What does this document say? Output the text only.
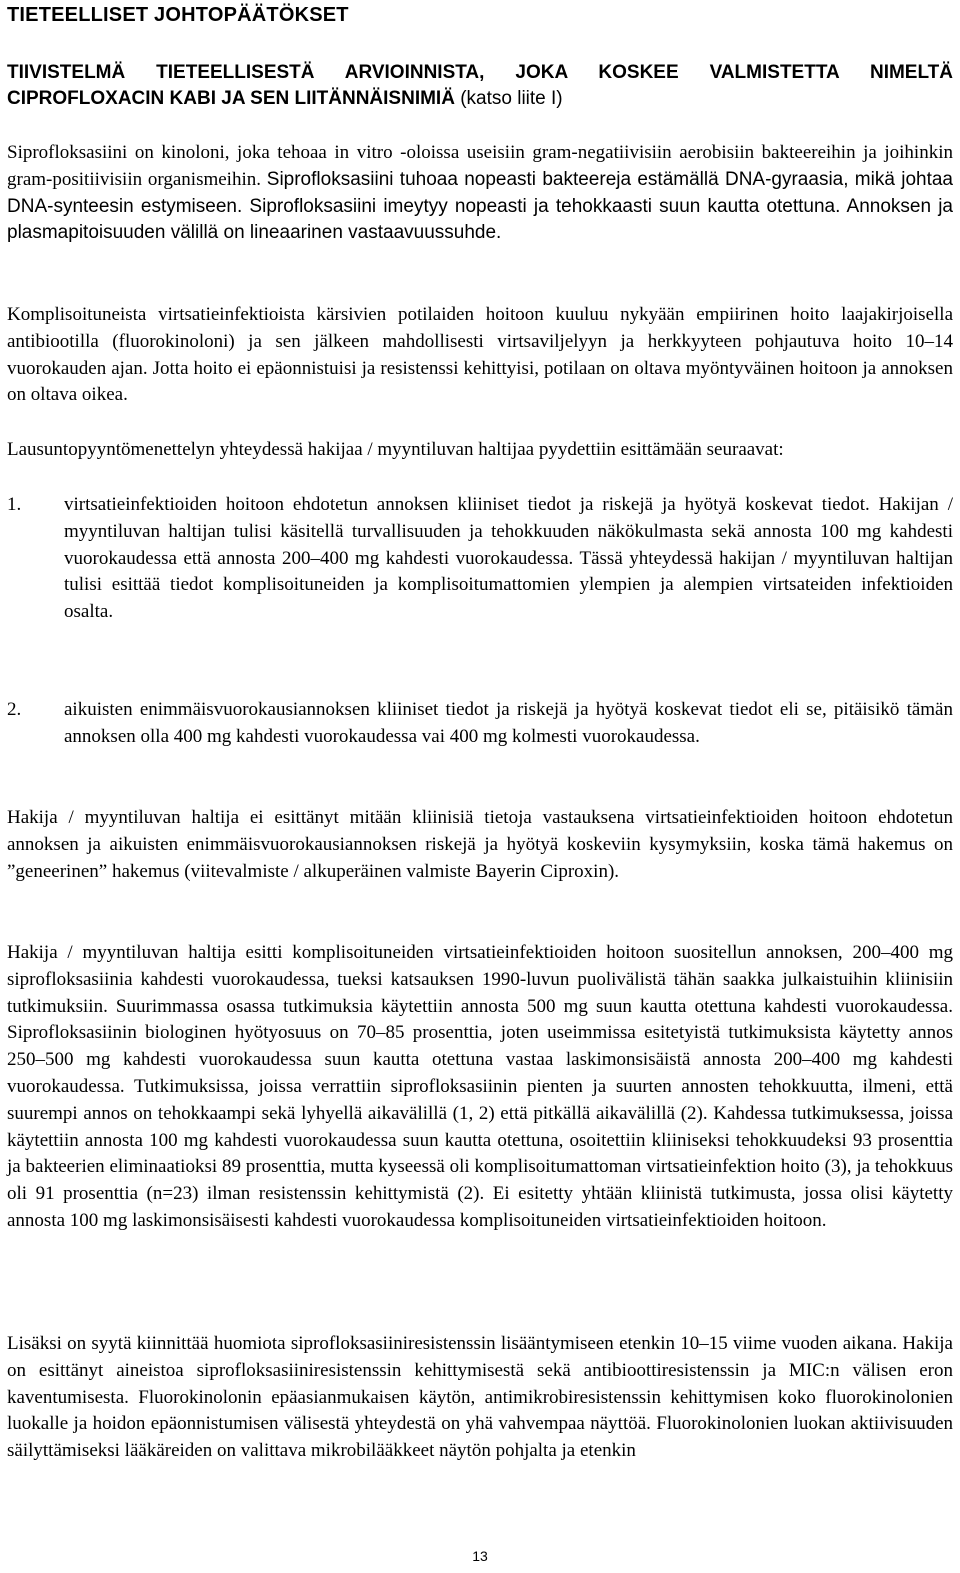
TIETEELLISET JOHTOPÄÄTÖKSET
TIIVISTELMÄ TIETEELLISESTÄ ARVIOINNISTA, JOKA KOSKEE VALMISTETTA NIMELTÄ CIPROFLOXACIN KABI JA SEN LIITÄNNÄISNIMIÄ (katso liite I)

Siprofloksasiini on kinoloni, joka tehoaa in vitro -oloissa useisiin gram-negatiivisiin aerobisiin bakteereihin ja joihinkin gram-positiivisiin organismeihin. Siprofloksasiini tuhoaa nopeasti bakteereja estämällä DNA-gyraasia, mikä johtaa DNA-synteesin estymiseen. Siprofloksasiini imeytyy nopeasti ja tehokkaasti suun kautta otettuna. Annoksen ja plasmapitoisuuden välillä on lineaarinen vastaavuussuhde.

Komplisoituneista virtsatieinfektioista kärsivien potilaiden hoitoon kuuluu nykyään empiirinen hoito laajakirjoisella antibiootilla (fluorokinoloni) ja sen jälkeen mahdollisesti virtsaviljelyyn ja herkkyyteen pohjautuva hoito 10–14 vuorokauden ajan. Jotta hoito ei epäonnistuisi ja resistenssi kehittyisi, potilaan on oltava myöntyväinen hoitoon ja annoksen on oltava oikea.

Lausuntopyyntömenettelyn yhteydessä hakijaa / myyntiluvan haltijaa pyydettiin esittämään seuraavat:

1. virtsatieinfektioiden hoitoon ehdotetun annoksen kliiniset tiedot ja riskejä ja hyötyä koskevat tiedot. Hakijan / myyntiluvan haltijan tulisi käsitellä turvallisuuden ja tehokkuuden näkökulmasta sekä annosta 100 mg kahdesti vuorokaudessa että annosta 200–400 mg kahdesti vuorokaudessa. Tässä yhteydessä hakijan / myyntiluvan haltijan tulisi esittää tiedot komplisoituneiden ja komplisoitumattomien ylempien ja alempien virtsateiden infektioiden osalta.
2. aikuisten enimmäisvuorokausiannoksen kliiniset tiedot ja riskejä ja hyötyä koskevat tiedot eli se, pitäisikö tämän annoksen olla 400 mg kahdesti vuorokaudessa vai 400 mg kolmesti vuorokaudessa.

Hakija / myyntiluvan haltija ei esittänyt mitään kliinisiä tietoja vastauksena virtsatieinfektioiden hoitoon ehdotetun annoksen ja aikuisten enimmäisvuorokausiannoksen riskejä ja hyötyä koskeviin kysymyksiin, koska tämä hakemus on ”geneerinen” hakemus (viitevalmiste / alkuperäinen valmiste Bayerin Ciproxin).

Hakija / myyntiluvan haltija esitti komplisoituneiden virtsatieinfektioiden hoitoon suositellun annoksen, 200–400 mg siprofloksasiinia kahdesti vuorokaudessa, tueksi katsauksen 1990-luvun puolivälistä tähän saakka julkaistuihin kliinisiin tutkimuksiin. Suurimmassa osassa tutkimuksia käytettiin annosta 500 mg suun kautta otettuna kahdesti vuorokaudessa. Siprofloksasiinin biologinen hyötyosuus on 70–85 prosenttia, joten useimmissa esitetyistä tutkimuksista käytetty annos 250–500 mg kahdesti vuorokaudessa suun kautta otettuna vastaa laskimonsisäistä annosta 200–400 mg kahdesti vuorokaudessa. Tutkimuksissa, joissa verrattiin siprofloksasiinin pienten ja suurten annosten tehokkuutta, ilmeni, että suurempi annos on tehokkaampi sekä lyhyellä aikavälillä (1, 2) että pitkällä aikavälillä (2). Kahdessa tutkimuksessa, joissa käytettiin annosta 100 mg kahdesti vuorokaudessa suun kautta otettuna, osoitettiin kliiniseksi tehokkuudeksi 93 prosenttia ja bakteerien eliminaatioksi 89 prosenttia, mutta kyseessä oli komplisoitumattoman virtsatieinfektion hoito (3), ja tehokkuus oli 91 prosenttia (n=23) ilman resistenssin kehittymistä (2). Ei esitetty yhtään kliinistä tutkimusta, jossa olisi käytetty annosta 100 mg laskimonsisäisesti kahdesti vuorokaudessa komplisoituneiden virtsatieinfektioiden hoitoon.

Lisäksi on syytä kiinnittää huomiota siprofloksasiiniresistenssin lisääntymiseen etenkin 10–15 viime vuoden aikana. Hakija on esittänyt aineistoa siprofloksasiiniresistenssin kehittymisestä sekä antibioottiresistenssin ja MIC:n välisen eron kaventumisesta. Fluorokinolonin epäasianmukaisen käytön, antimikrobiresistenssin kehittymisen koko fluorokinolonien luokalle ja hoidon epäonnistumisen välisestä yhteydestä on yhä vahvempaa näyttöä. Fluorokinolonien luokan aktiivisuuden säilyttämiseksi lääkäreiden on valittava mikrobilääkkeet näytön pohjalta ja etenkin

13
